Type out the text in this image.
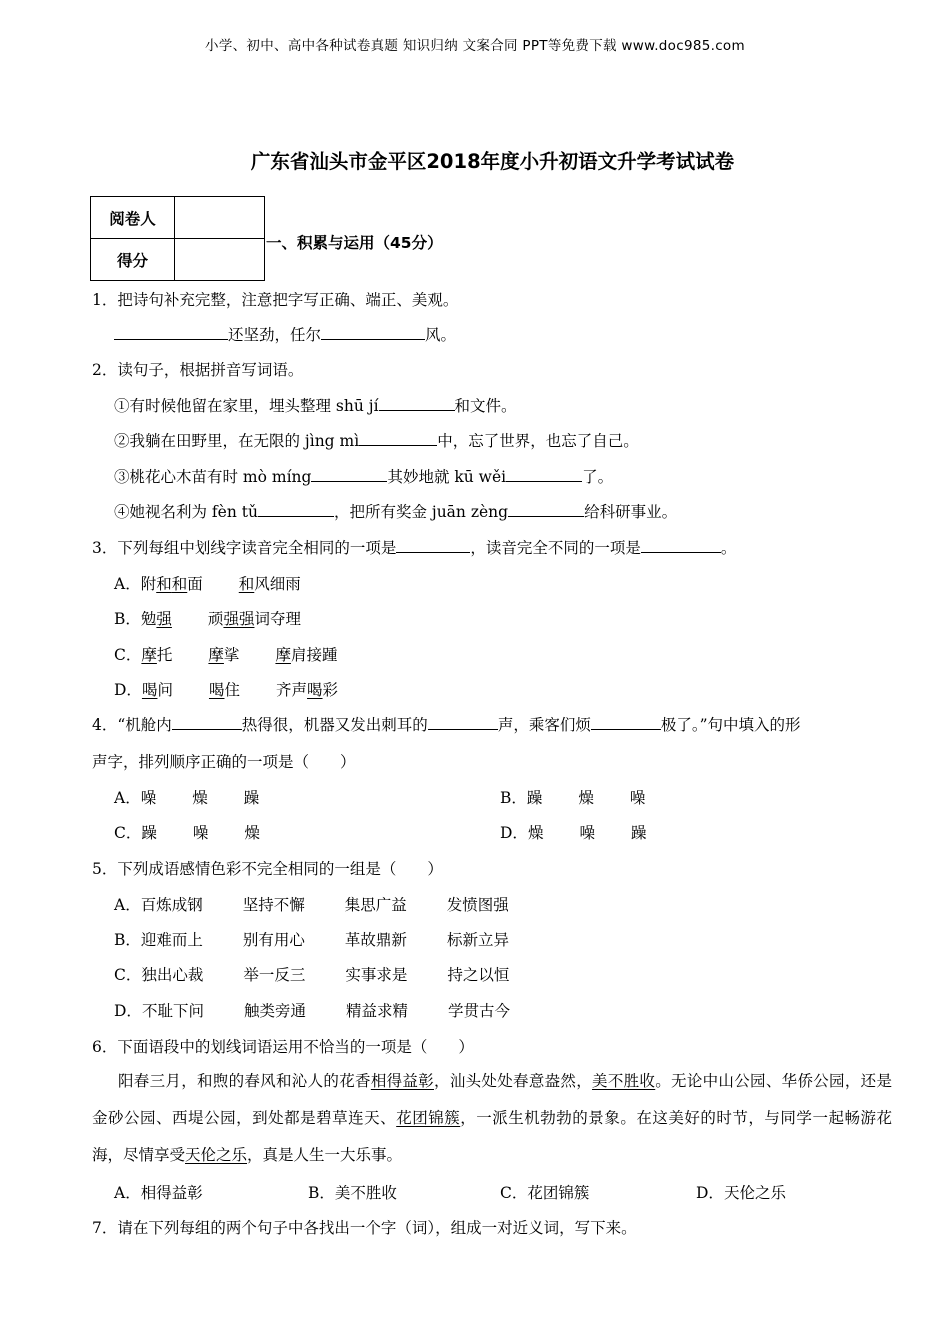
小学、初中、高中各种试卷真题 知识归纳 文案合同 PPT等免费下载 www.doc985.com
广东省汕头市金平区2018年度小升初语文升学考试试卷
阅卷人	
得分	
一、积累与运用（45分）
1．把诗句补充完整，注意把字写正确、端正、美观。
还坚劲，任尔	风。
2．读句子，根据拼音写词语。
①有时候他留在家里，埋头整理 shū jí	和文件。
②我躺在田野里，在无限的 jìng mì	中，忘了世界，也忘了自己。
③桃花心木苗有时 mò míng	其妙地就 kū wěi	了。
④她视名利为 fèn tǔ	，把所有奖金 juān zèng	给科研事业。
3．下列每组中划线字读音完全相同的一项是	，读音完全不同的一项是	。
A．附和和面 和风细雨
B．勉强 顽强强词夺理
C．摩托 摩挲 摩肩接踵
D．喝问 喝住 齐声喝彩
4．“机舱内	热得很，机器又发出刺耳的	声，乘客们烦	极了。”句中填入的形
声字，排列顺序正确的一项是（　　）
A．噪 燥 躁	B．躁 燥 噪
C．躁 噪 燥	D．燥 噪 躁
5．下列成语感情色彩不完全相同的一组是（　　）
A．百炼成钢	坚持不懈	集思广益	发愤图强
B．迎难而上	别有用心	革故鼎新	标新立异
C．独出心裁	举一反三	实事求是	持之以恒
D．不耻下问	触类旁通	精益求精	学贯古今
6．下面语段中的划线词语运用不恰当的一项是（　　）
阳春三月，和煦的春风和沁人的花香相得益彰，汕头处处春意盎然，美不胜收。无论中山公园、华侨公园，还是金砂公园、西堤公园，到处都是碧草连天、花团锦簇，一派生机勃勃的景象。在这美好的时节，与同学一起畅游花海，尽情享受天伦之乐，真是人生一大乐事。
A．相得益彰	B．美不胜收	C．花团锦簇	D．天伦之乐
7．请在下列每组的两个句子中各找出一个字（词），组成一对近义词，写下来。
